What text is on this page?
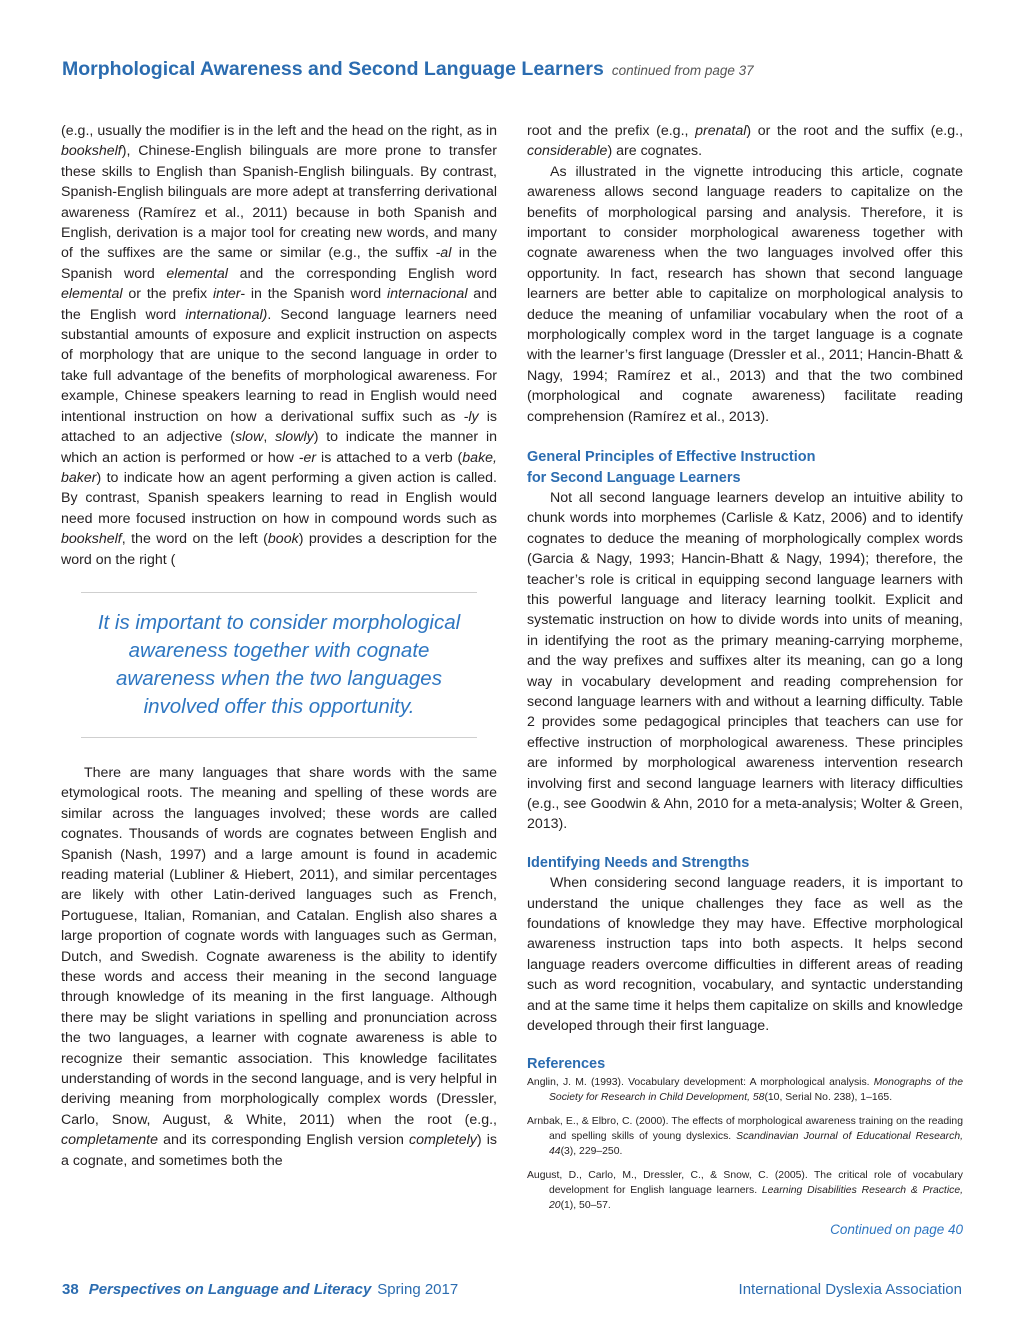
Morphological Awareness and Second Language Learners continued from page 37

(e.g., usually the modifier is in the left and the head on the right, as in bookshelf), Chinese-English bilinguals are more prone to transfer these skills to English than Spanish-English bilinguals. By contrast, Spanish-English bilinguals are more adept at transferring derivational awareness (Ramírez et al., 2011) because in both Spanish and English, derivation is a major tool for creating new words, and many of the suffixes are the same or similar (e.g., the suffix -al in the Spanish word elemental and the corresponding English word elemental or the prefix inter- in the Spanish word internacional and the English word international). Second language learners need substantial amounts of exposure and explicit instruction on aspects of morphology that are unique to the second language in order to take full advantage of the benefits of morphological awareness. For example, Chinese speakers learning to read in English would need intentional instruction on how a derivational suffix such as -ly is attached to an adjective (slow, slowly) to indicate the manner in which an action is performed or how -er is attached to a verb (bake, baker) to indicate how an agent performing a given action is called. By contrast, Spanish speakers learning to read in English would need more focused instruction on how in compound words such as bookshelf, the word on the left (book) provides a description for the word on the right (

It is important to consider morphological awareness together with cognate awareness when the two languages involved offer this opportunity.

There are many languages that share words with the same etymological roots. The meaning and spelling of these words are similar across the languages involved; these words are called cognates. Thousands of words are cognates between English and Spanish (Nash, 1997) and a large amount is found in academic reading material (Lubliner & Hiebert, 2011), and similar percentages are likely with other Latin-derived languages such as French, Portuguese, Italian, Romanian, and Catalan. English also shares a large proportion of cognate words with languages such as German, Dutch, and Swedish. Cognate awareness is the ability to identify these words and access their meaning in the second language through knowledge of its meaning in the first language. Although there may be slight variations in spelling and pronunciation across the two languages, a learner with cognate awareness is able to recognize their semantic association. This knowledge facilitates understanding of words in the second language, and is very helpful in deriving meaning from morphologically complex words (Dressler, Carlo, Snow, August, & White, 2011) when the root (e.g., completamente and its corresponding English version completely) is a cognate, and sometimes both the

root and the prefix (e.g., prenatal) or the root and the suffix (e.g., considerable) are cognates.

As illustrated in the vignette introducing this article, cognate awareness allows second language readers to capitalize on the benefits of morphological parsing and analysis. Therefore, it is important to consider morphological awareness together with cognate awareness when the two languages involved offer this opportunity. In fact, research has shown that second language learners are better able to capitalize on morphological analysis to deduce the meaning of unfamiliar vocabulary when the root of a morphologically complex word in the target language is a cognate with the learner’s first language (Dressler et al., 2011; Hancin-Bhatt & Nagy, 1994; Ramírez et al., 2013) and that the two combined (morphological and cognate awareness) facilitate reading comprehension (Ramírez et al., 2013).

General Principles of Effective Instruction
for Second Language Learners

Not all second language learners develop an intuitive ability to chunk words into morphemes (Carlisle & Katz, 2006) and to identify cognates to deduce the meaning of morphologically complex words (Garcia & Nagy, 1993; Hancin-Bhatt & Nagy, 1994); therefore, the teacher’s role is critical in equipping second language learners with this powerful language and literacy learning toolkit. Explicit and systematic instruction on how to divide words into units of meaning, in identifying the root as the primary meaning-carrying morpheme, and the way prefixes and suffixes alter its meaning, can go a long way in vocabulary development and reading comprehension for second language learners with and without a learning difficulty. Table 2 provides some pedagogical principles that teachers can use for effective instruction of morphological awareness. These principles are informed by morphological awareness intervention research involving first and second language learners with literacy difficulties (e.g., see Goodwin & Ahn, 2010 for a meta-analysis; Wolter & Green, 2013).

Identifying Needs and Strengths

When considering second language readers, it is important to understand the unique challenges they face as well as the foundations of knowledge they may have. Effective morphological awareness instruction taps into both aspects. It helps second language readers overcome difficulties in different areas of reading such as word recognition, vocabulary, and syntactic understanding and at the same time it helps them capitalize on skills and knowledge developed through their first language.

References

Anglin, J. M. (1993). Vocabulary development: A morphological analysis. Monographs of the Society for Research in Child Development, 58(10, Serial No. 238), 1–165.

Arnbak, E., & Elbro, C. (2000). The effects of morphological awareness training on the reading and spelling skills of young dyslexics. Scandinavian Journal of Educational Research, 44(3), 229–250.

August, D., Carlo, M., Dressler, C., & Snow, C. (2005). The critical role of vocabulary development for English language learners. Learning Disabilities Research & Practice, 20(1), 50–57.

Continued on page 40
38 Perspectives on Language and Literacy Spring 2017	International Dyslexia Association
